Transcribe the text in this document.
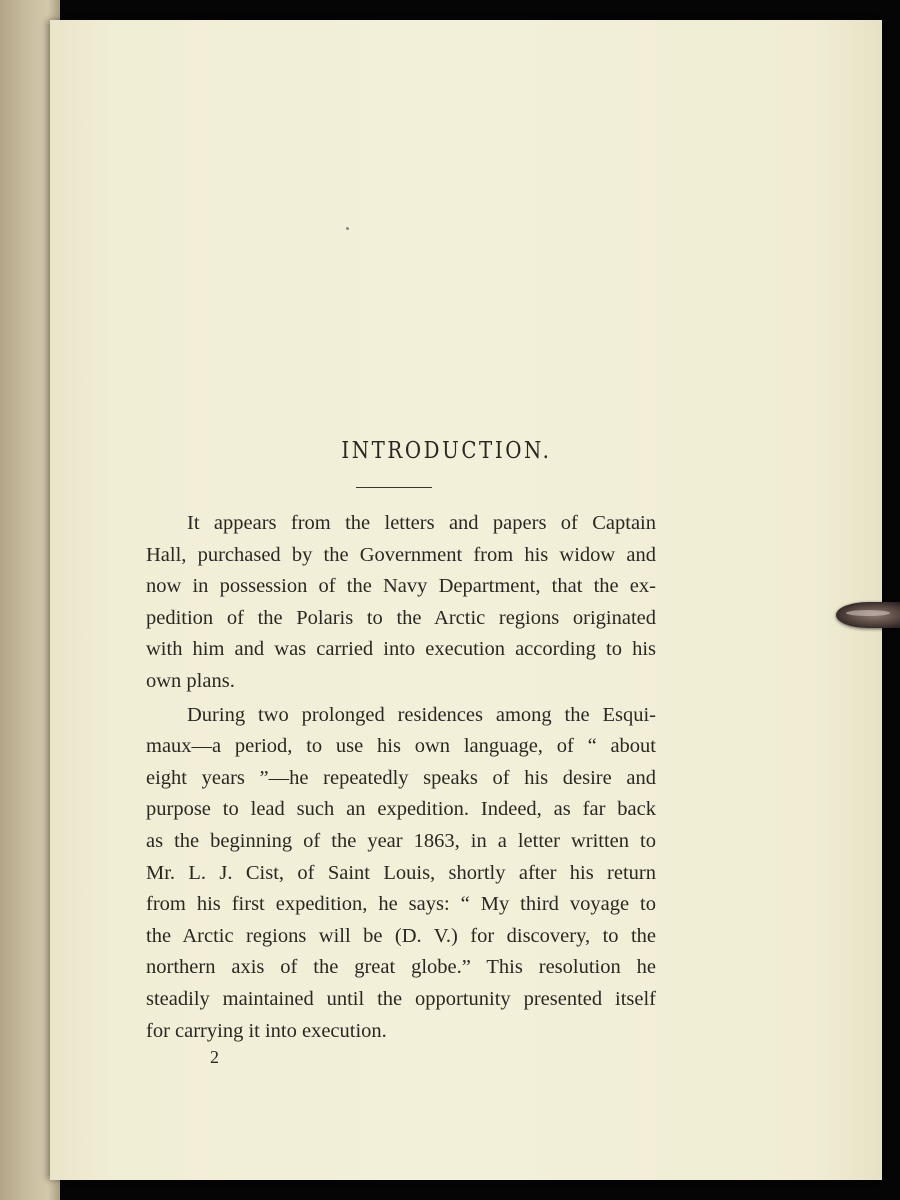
INTRODUCTION.
It appears from the letters and papers of Captain
Hall, purchased by the Government from his widow and
now in possession of the Navy Department, that the ex-
pedition of the Polaris to the Arctic regions originated
with him and was carried into execution according to his
own plans.
During two prolonged residences among the Esqui-
maux—a period, to use his own language, of “ about
eight years ”—he repeatedly speaks of his desire and
purpose to lead such an expedition. Indeed, as far back
as the beginning of the year 1863, in a letter written to
Mr. L. J. Cist, of Saint Louis, shortly after his return
from his first expedition, he says: “ My third voyage to
the Arctic regions will be (D. V.) for discovery, to the
northern axis of the great globe.” This resolution he
steadily maintained until the opportunity presented itself
for carrying it into execution.
2
